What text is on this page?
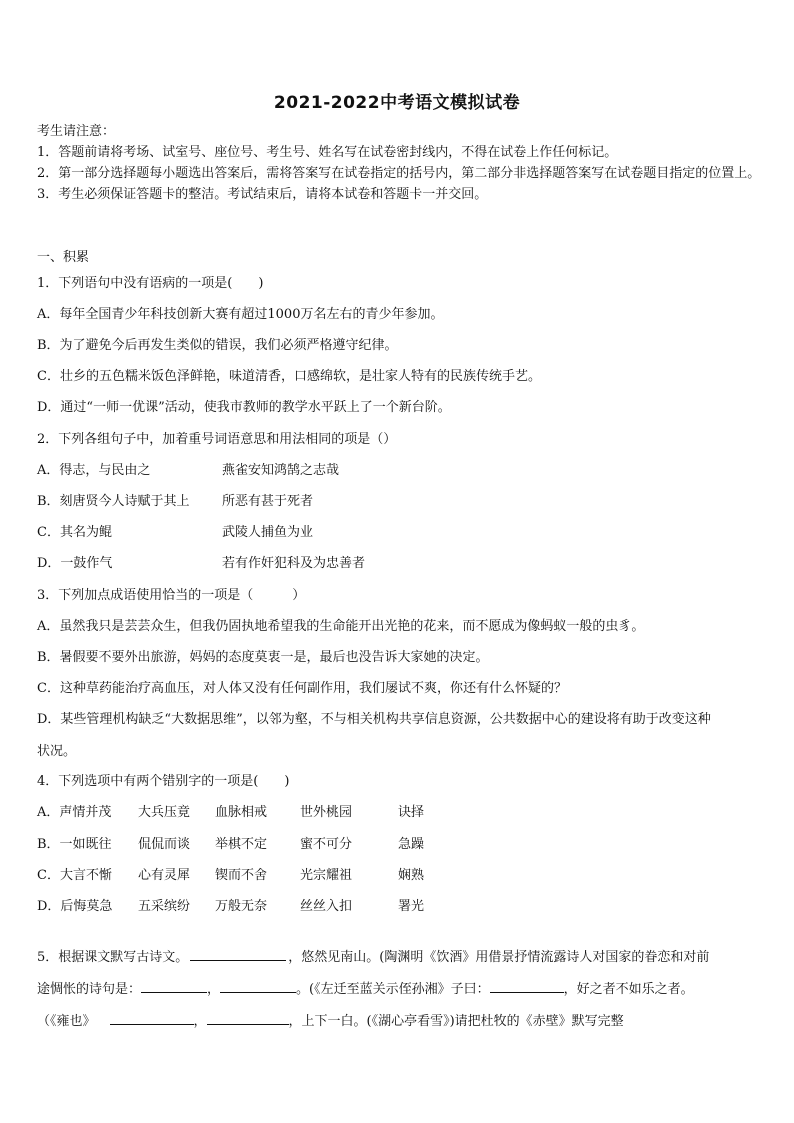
2021-2022中考语文模拟试卷

考生请注意：

1．答题前请将考场、试室号、座位号、考生号、姓名写在试卷密封线内，不得在试卷上作任何标记。

2．第一部分选择题每小题选出答案后，需将答案写在试卷指定的括号内，第二部分非选择题答案写在试卷题目指定的位置上。

3．考生必须保证答题卡的整洁。考试结束后，请将本试卷和答题卡一并交回。

一、积累
1．下列语句中没有语病的一项是(　　)
A．每年全国青少年科技创新大赛有超过1000万名左右的青少年参加。
B．为了避免今后再发生类似的错误，我们必须严格遵守纪律。
C．壮乡的五色糯米饭色泽鲜艳，味道清香，口感绵软，是壮家人特有的民族传统手艺。
D．通过“一师一优课”活动，使我市教师的教学水平跃上了一个新台阶。
2．下列各组句子中，加着重号词语意思和用法相同的项是（）
A．得志，与民由之	燕雀安知鸿鹄之志哉
B．刻唐贤今人诗赋于其上 所恶有甚于死者
C．其名为鲲	武陵人捕鱼为业
D．一鼓作气	若有作奸犯科及为忠善者
3．下列加点成语使用恰当的一项是（　　　）
A．虽然我只是芸芸众生，但我仍固执地希望我的生命能开出光艳的花来，而不愿成为像蚂蚁一般的虫豸。
B．暑假要不要外出旅游，妈妈的态度莫衷一是，最后也没告诉大家她的决定。
C．这种草药能治疗高血压，对人体又没有任何副作用，我们屡试不爽，你还有什么怀疑的？
D．某些管理机构缺乏“大数据思维”，以邻为壑，不与相关机构共享信息资源，公共数据中心的建设将有助于改变这种
状况。
4．下列选项中有两个错别字的一项是(　　)
A．声情并茂 大兵压竟 血脉相戒	世外桃园	诀择
B．一如既往 侃侃而谈 举棋不定	蜜不可分	急躁
C．大言不惭 心有灵犀 锲而不舍	光宗耀祖	娴熟
D．后悔莫急 五采缤纷 万般无奈	丝丝入扣	署光
5．根据课文默写古诗文。	，悠然见南山。(陶渊明《饮酒》用借景抒情流露诗人对国家的眷恋和对前
途惆怅的诗句是：	，	。(《左迁至蓝关示侄孙湘》子曰：	，好之者不如乐之者。
（《雍也》	，	，上下一白。(《湖心亭看雪》)请把杜牧的《赤壁》默写完整
